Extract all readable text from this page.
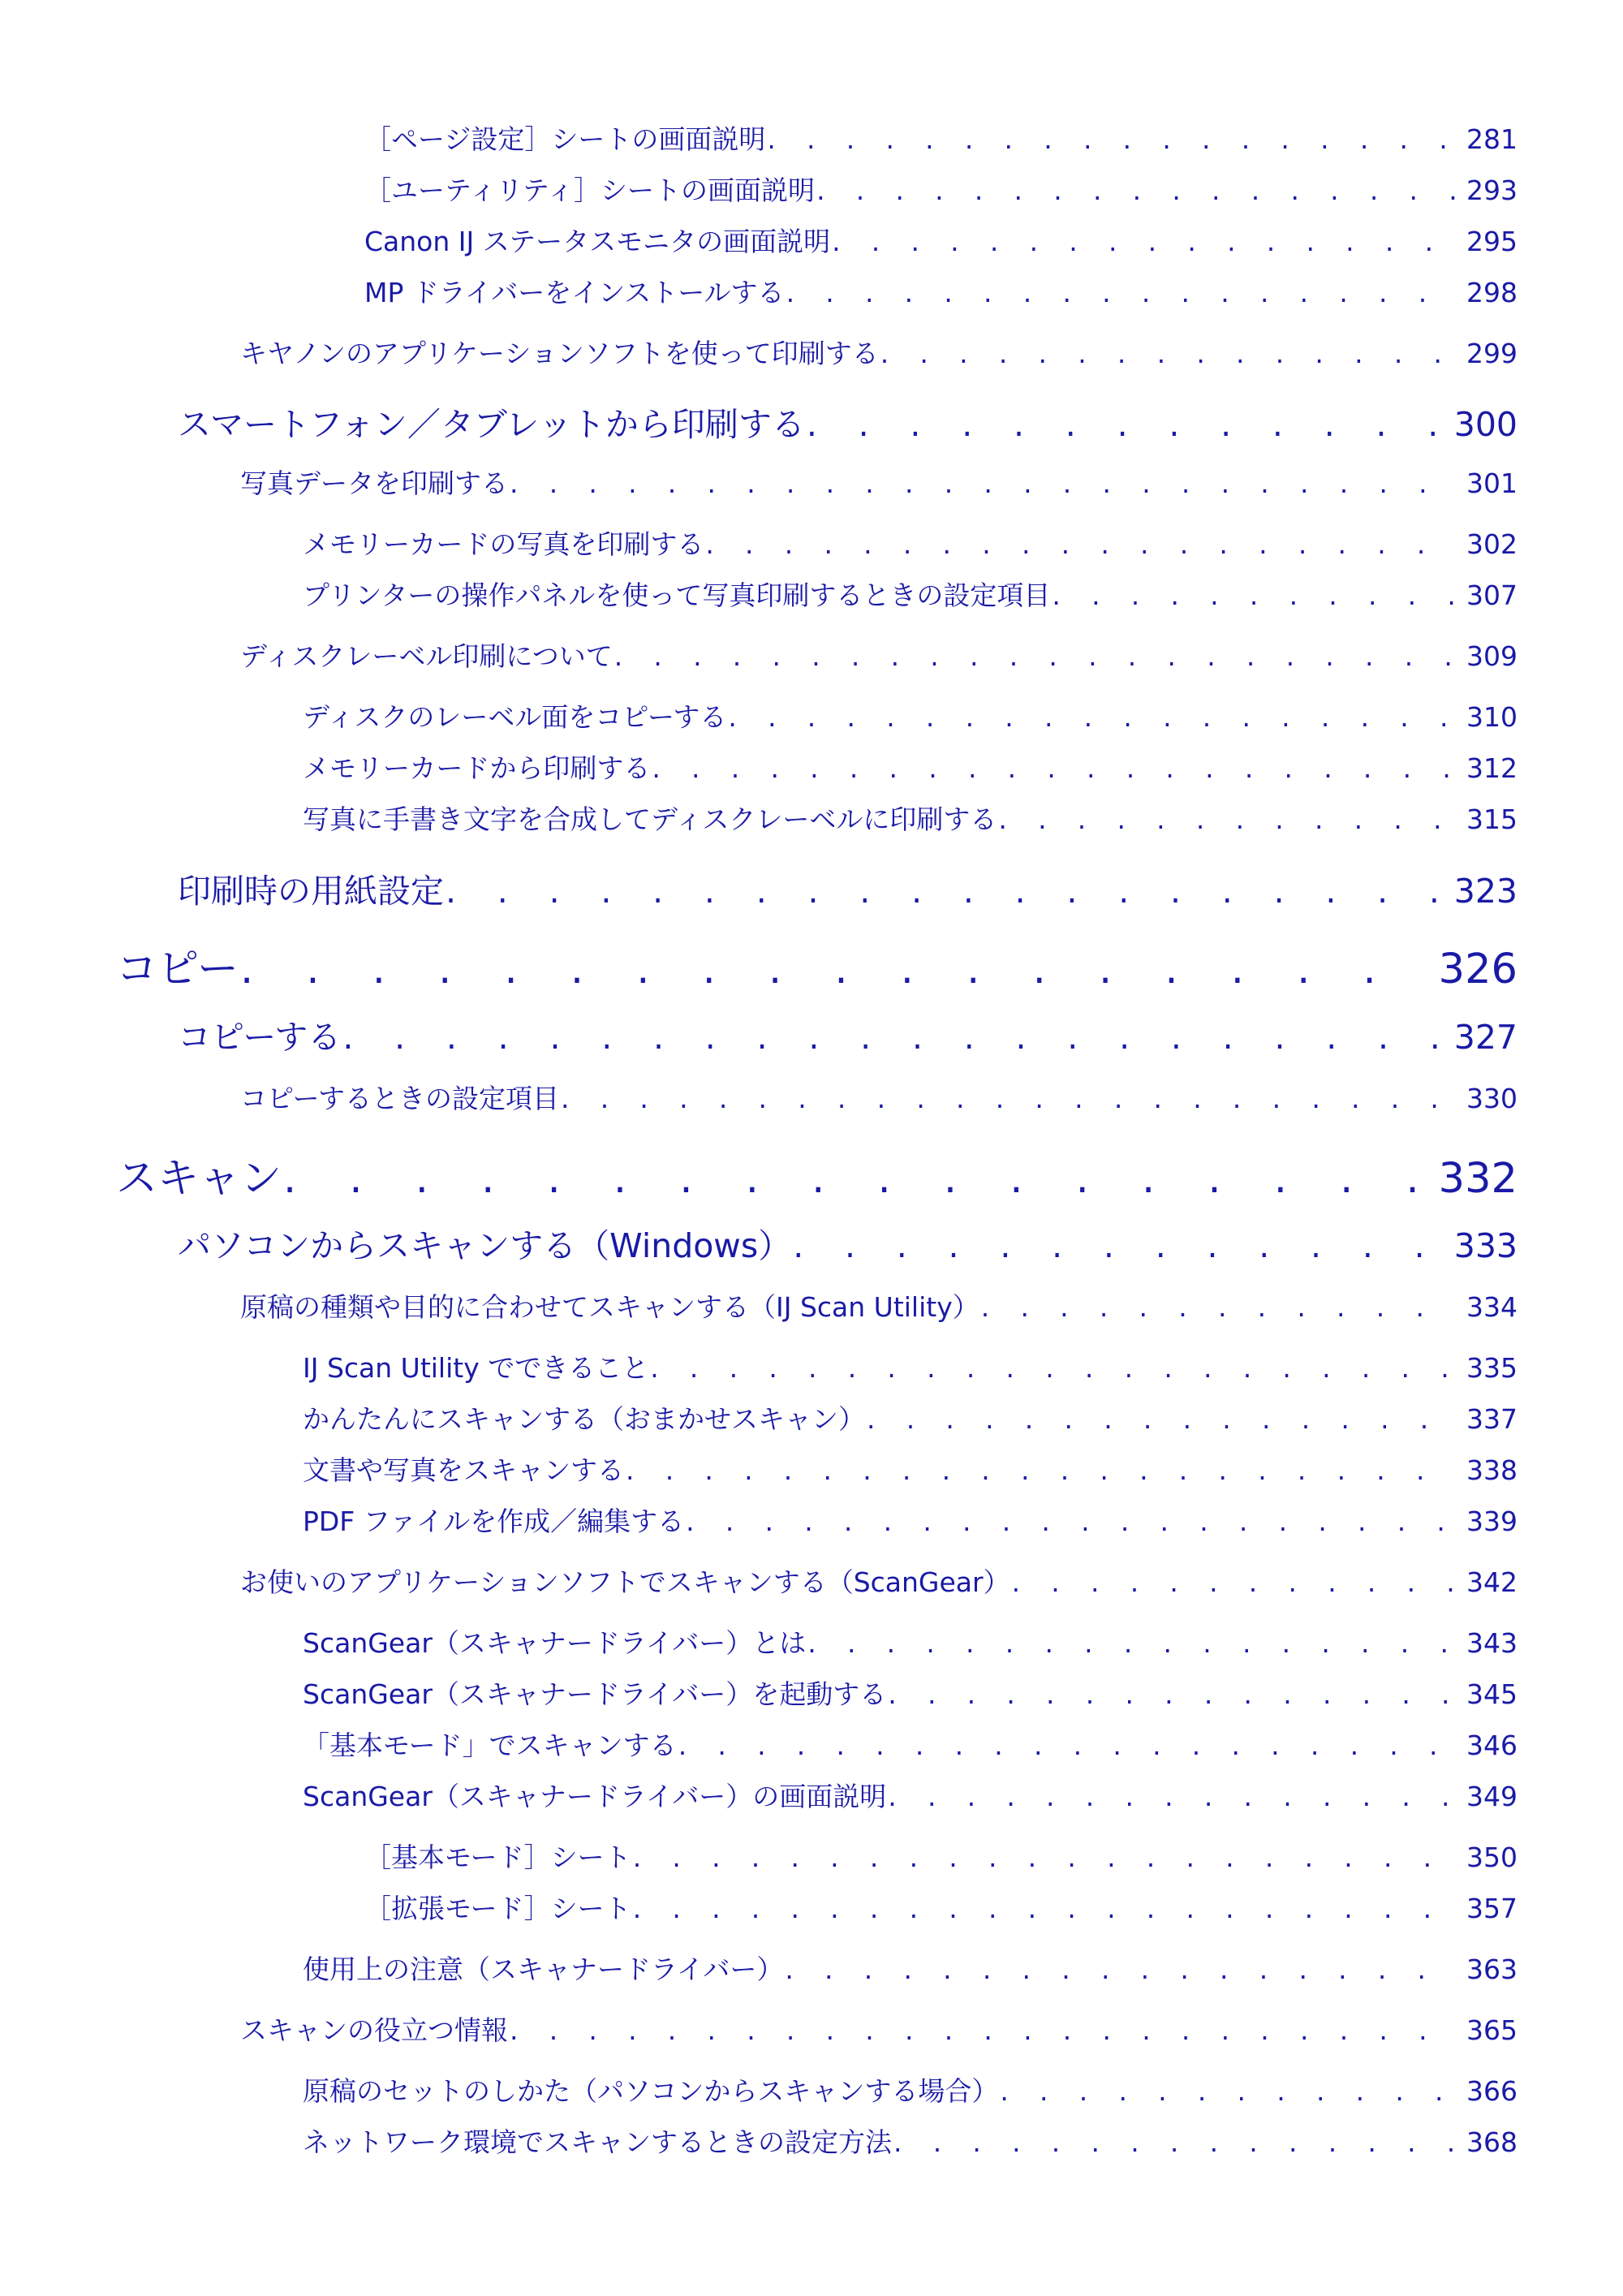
［ページ設定］シートの画面説明 . . .	281
［ユーティリティ］シートの画面説明 . . .	293
Canon IJ ステータスモニタの画面説明 . . .	295
MP ドライバーをインストールする . . .	298
キヤノンのアプリケーションソフトを使って印刷する . . .	299
スマートフォン／タブレットから印刷する . . .	300
写真データを印刷する . . .	301
メモリーカードの写真を印刷する . . .	302
プリンターの操作パネルを使って写真印刷するときの設定項目 . . .	307
ディスクレーベル印刷について . . .	309
ディスクのレーベル面をコピーする . . .	310
メモリーカードから印刷する . . .	312
写真に手書き文字を合成してディスクレーベルに印刷する . . .	315
印刷時の用紙設定 . . .	323
コピー . . .	326
コピーする . . .	327
コピーするときの設定項目 . . .	330
スキャン . . .	332
パソコンからスキャンする（Windows） . . .	333
原稿の種類や目的に合わせてスキャンする（IJ Scan Utility） . . .	334
IJ Scan Utility でできること . . .	335
かんたんにスキャンする（おまかせスキャン） . . .	337
文書や写真をスキャンする . . .	338
PDF ファイルを作成／編集する . . .	339
お使いのアプリケーションソフトでスキャンする（ScanGear） . . .	342
ScanGear（スキャナードライバー）とは . . .	343
ScanGear（スキャナードライバー）を起動する . . .	345
「基本モード」でスキャンする . . .	346
ScanGear（スキャナードライバー）の画面説明 . . .	349
［基本モード］シート . . .	350
［拡張モード］シート . . .	357
使用上の注意（スキャナードライバー） . . .	363
スキャンの役立つ情報 . . .	365
原稿のセットのしかた（パソコンからスキャンする場合） . . .	366
ネットワーク環境でスキャンするときの設定方法 . . .	368
